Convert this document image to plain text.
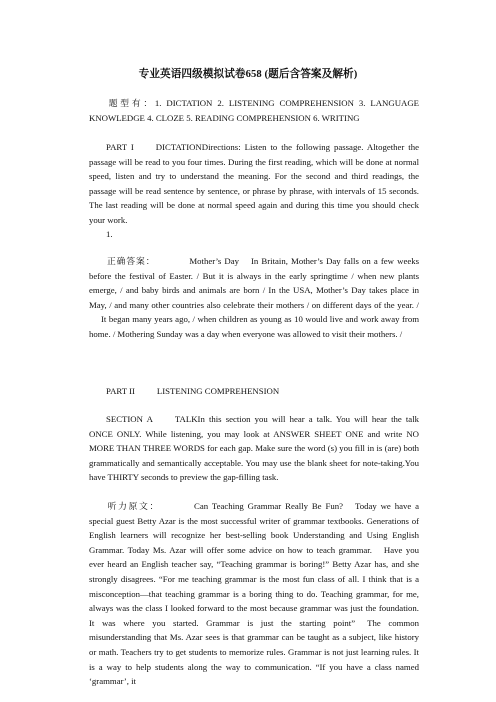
专业英语四级模拟试卷658 (题后含答案及解析)
题型有：1. DICTATION 2. LISTENING COMPREHENSION 3. LANGUAGE KNOWLEDGE 4. CLOZE 5. READING COMPREHENSION 6. WRITING
PART I	DICTATIONDirections: Listen to the following passage. Altogether the passage will be read to you four times. During the first reading, which will be done at normal speed, listen and try to understand the meaning. For the second and third readings, the passage will be read sentence by sentence, or phrase by phrase, with intervals of 15 seconds. The last reading will be done at normal speed again and during this time you should check your work.
1.
正确答案：	Mother’s Day In Britain, Mother’s Day falls on a few weeks before the festival of Easter. / But it is always in the early springtime / when new plants emerge, / and baby birds and animals are born / In the USA, Mother’s Day takes place in May, / and many other countries also celebrate their mothers / on different days of the year. /It began many years ago, / when children as young as 10 would live and work away from home. / Mothering Sunday was a day when everyone was allowed to visit their mothers. /
PART II	LISTENING COMPREHENSION
SECTION A	TALKIn this section you will hear a talk. You will hear the talk ONCE ONLY. While listening, you may look at ANSWER SHEET ONE and write NO MORE THAN THREE WORDS for each gap. Make sure the word (s) you fill in is (are) both grammatically and semantically acceptable. You may use the blank sheet for note-taking.You have THIRTY seconds to preview the gap-filling task.
听力原文：	Can Teaching Grammar Really Be Fun? Today we have a special guest Betty Azar is the most successful writer of grammar textbooks. Generations of English learners will recognize her best-selling book Understanding and Using English Grammar. Today Ms. Azar will offer some advice on how to teach grammar. Have you ever heard an English teacher say, “Teaching grammar is boring!” Betty Azar has, and she strongly disagrees. “For me teaching grammar is the most fun class of all. I think that is a misconception—that teaching grammar is a boring thing to do. Teaching grammar, for me, always was the class I looked forward to the most because grammar was just the foundation. It was where you started. Grammar is just the starting point” The common misunderstanding that Ms. Azar sees is that grammar can be taught as a subject, like history or math. Teachers try to get students to memorize rules. Grammar is not just learning rules. It is a way to help students along the way to communication. “If you have a class named ‘grammar’, it
